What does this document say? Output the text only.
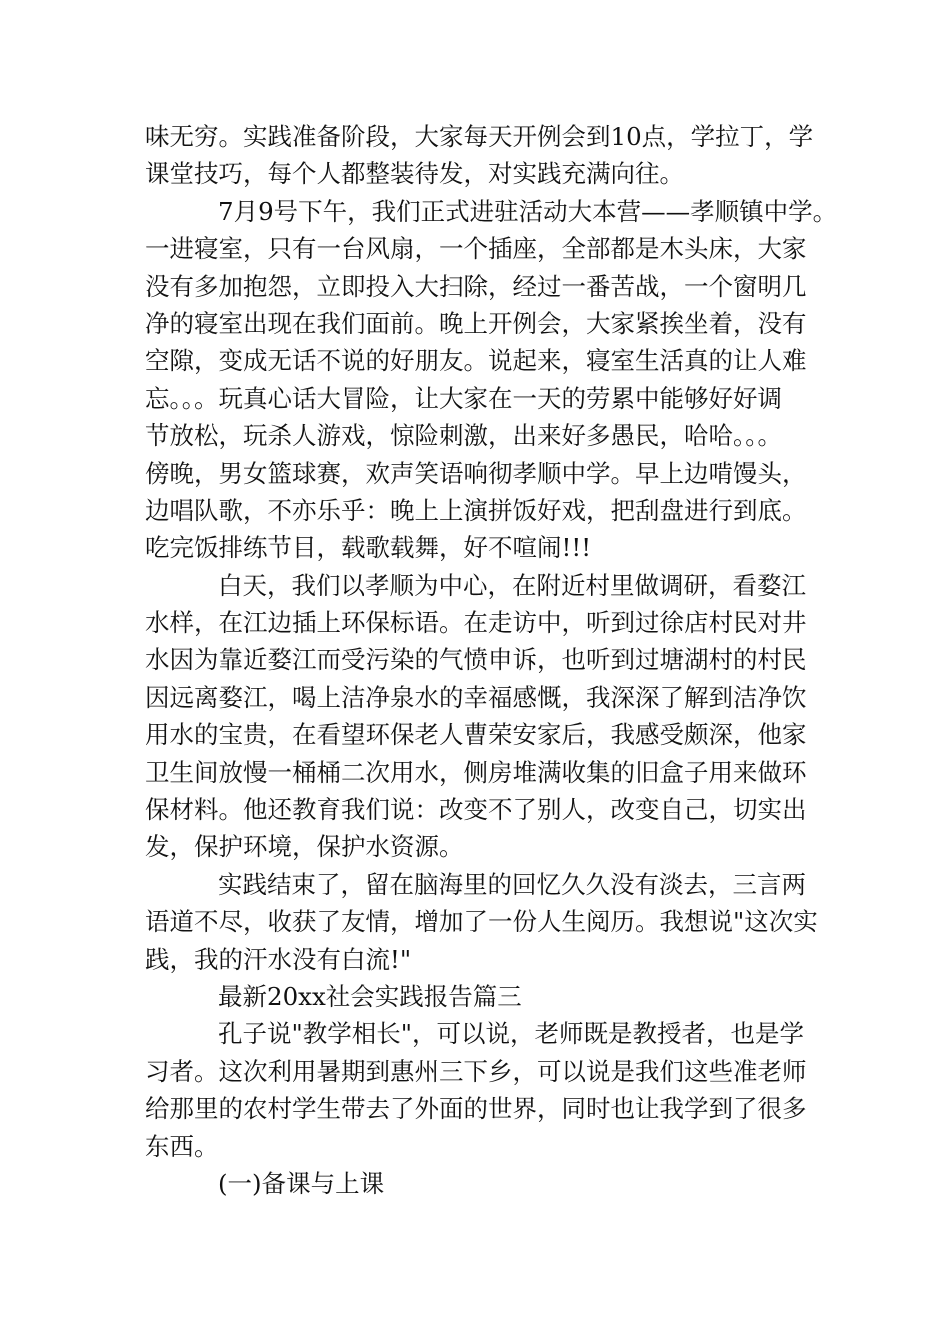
味无穷。实践准备阶段，大家每天开例会到10点，学拉丁，学
课堂技巧，每个人都整装待发，对实践充满向往。
7月9号下午，我们正式进驻活动大本营——孝顺镇中学。
一进寝室，只有一台风扇，一个插座，全部都是木头床，大家
没有多加抱怨，立即投入大扫除，经过一番苦战，一个窗明几
净的寝室出现在我们面前。晚上开例会，大家紧挨坐着，没有
空隙，变成无话不说的好朋友。说起来，寝室生活真的让人难
忘。。。玩真心话大冒险，让大家在一天的劳累中能够好好调
节放松，玩杀人游戏，惊险刺激，出来好多愚民，哈哈。。。
傍晚，男女篮球赛，欢声笑语响彻孝顺中学。早上边啃馒头，
边唱队歌，不亦乐乎：晚上上演拼饭好戏，把刮盘进行到底。
吃完饭排练节目，载歌载舞，好不喧闹!!!
白天，我们以孝顺为中心，在附近村里做调研，看婺江
水样，在江边插上环保标语。在走访中，听到过徐店村民对井
水因为靠近婺江而受污染的气愤申诉，也听到过塘湖村的村民
因远离婺江，喝上洁净泉水的幸福感慨，我深深了解到洁净饮
用水的宝贵，在看望环保老人曹荣安家后，我感受颇深，他家
卫生间放慢一桶桶二次用水，侧房堆满收集的旧盒子用来做环
保材料。他还教育我们说：改变不了别人，改变自己，切实出
发，保护环境，保护水资源。
实践结束了，留在脑海里的回忆久久没有淡去，三言两
语道不尽，收获了友情，增加了一份人生阅历。我想说"这次实
践，我的汗水没有白流!"
最新20xx社会实践报告篇三
孔子说"教学相长"，可以说，老师既是教授者，也是学
习者。这次利用暑期到惠州三下乡，可以说是我们这些准老师
给那里的农村学生带去了外面的世界，同时也让我学到了很多
东西。
(一)备课与上课
